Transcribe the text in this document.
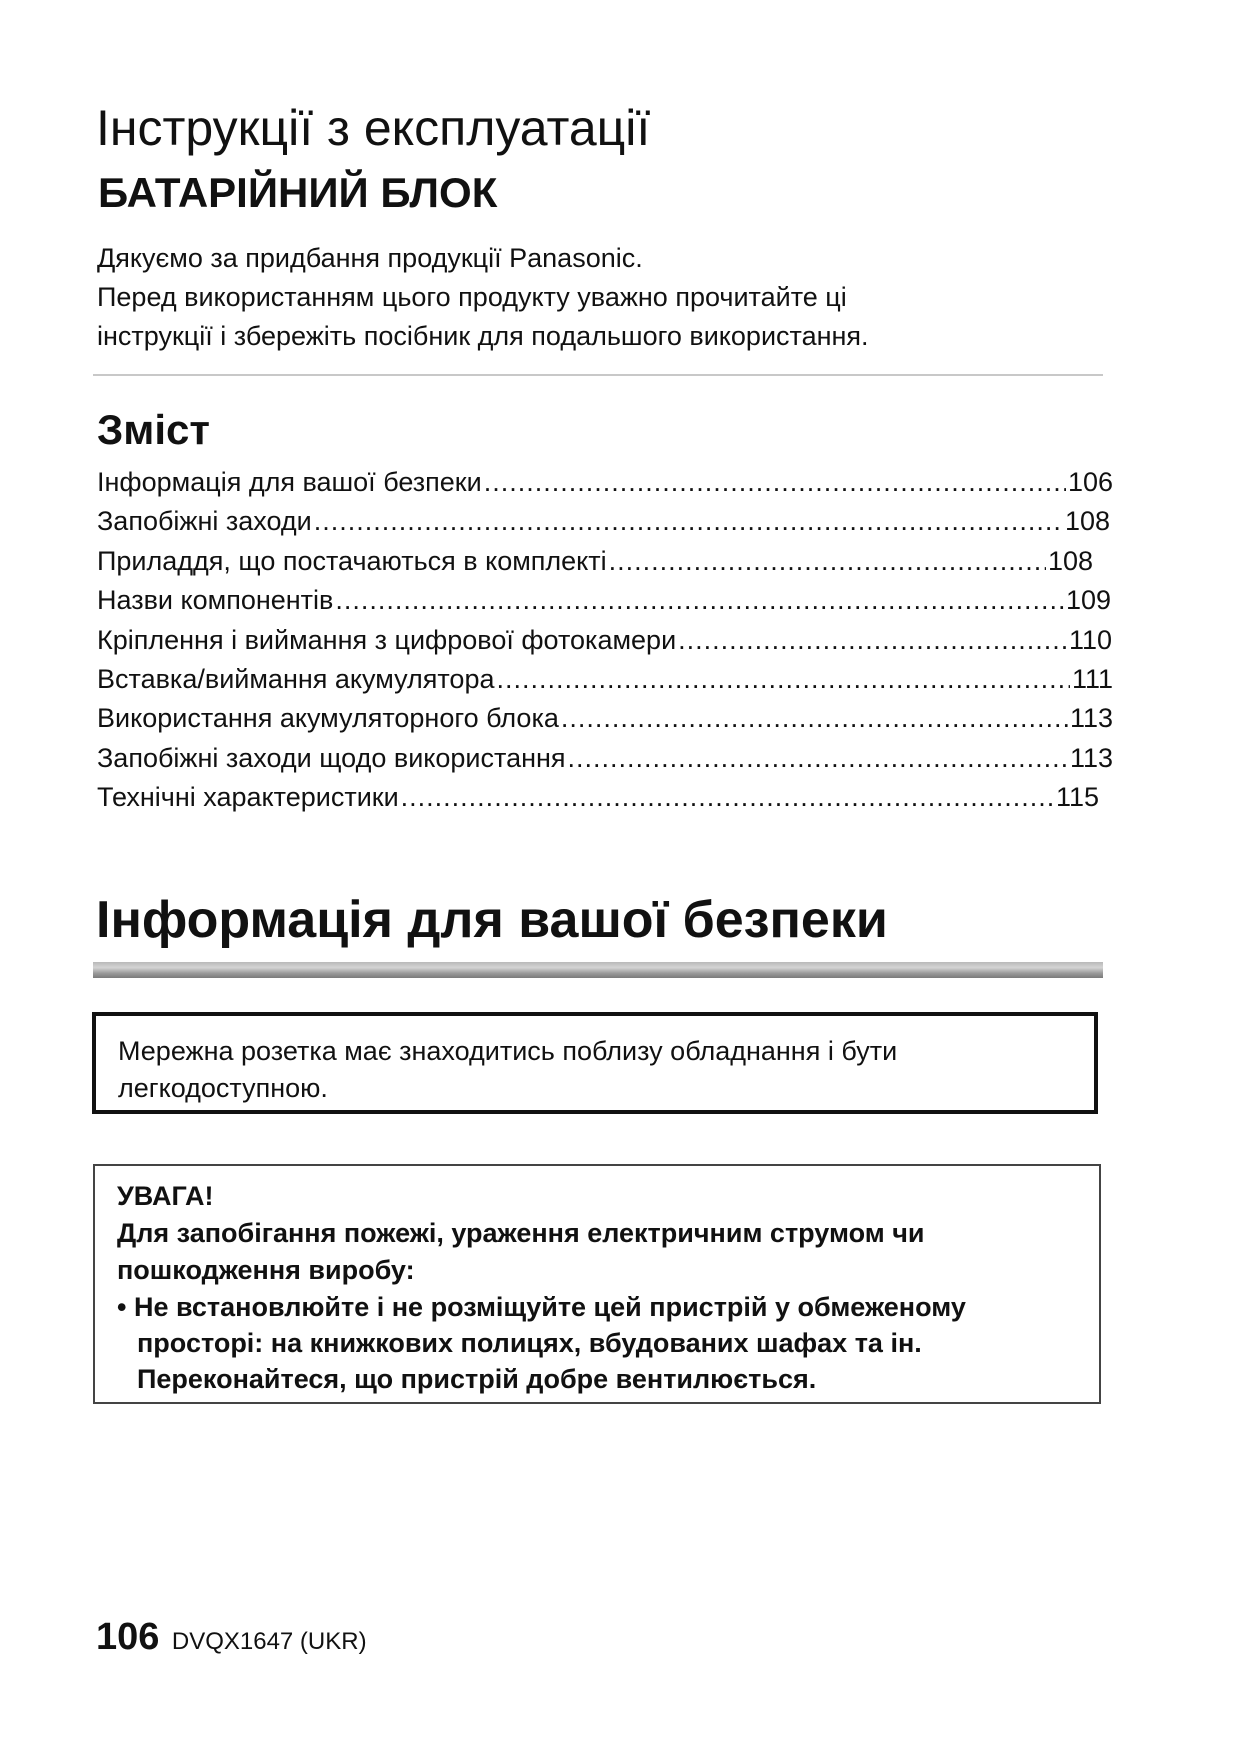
Інструкції з експлуатації
БАТАРІЙНИЙ БЛОК
Дякуємо за придбання продукції Panasonic.
Перед використанням цього продукту уважно прочитайте ці
інструкції і збережіть посібник для подальшого використання.
Зміст
Інформація для вашої безпеки .....	106
Запобіжні заходи .....	108
Приладдя, що постачаються в комплекті .....	108
Назви компонентів .....	109
Кріплення і виймання з цифрової фотокамери .....	110
Вставка/виймання акумулятора .....	111
Використання акумуляторного блока .....	113
Запобіжні заходи щодо використання .....	113
Технічні характеристики .....	115
Інформація для вашої безпеки
Мережна розетка має знаходитись поблизу обладнання і бути
легкодоступною.
УВАГА!
Для запобігання пожежі, ураження електричним струмом чи
пошкодження виробу:
• Не встановлюйте і не розміщуйте цей пристрій у обмеженому просторі: на книжкових полицях, вбудованих шафах та ін. Переконайтеся, що пристрій добре вентилюється.
106 DVQX1647 (UKR)
